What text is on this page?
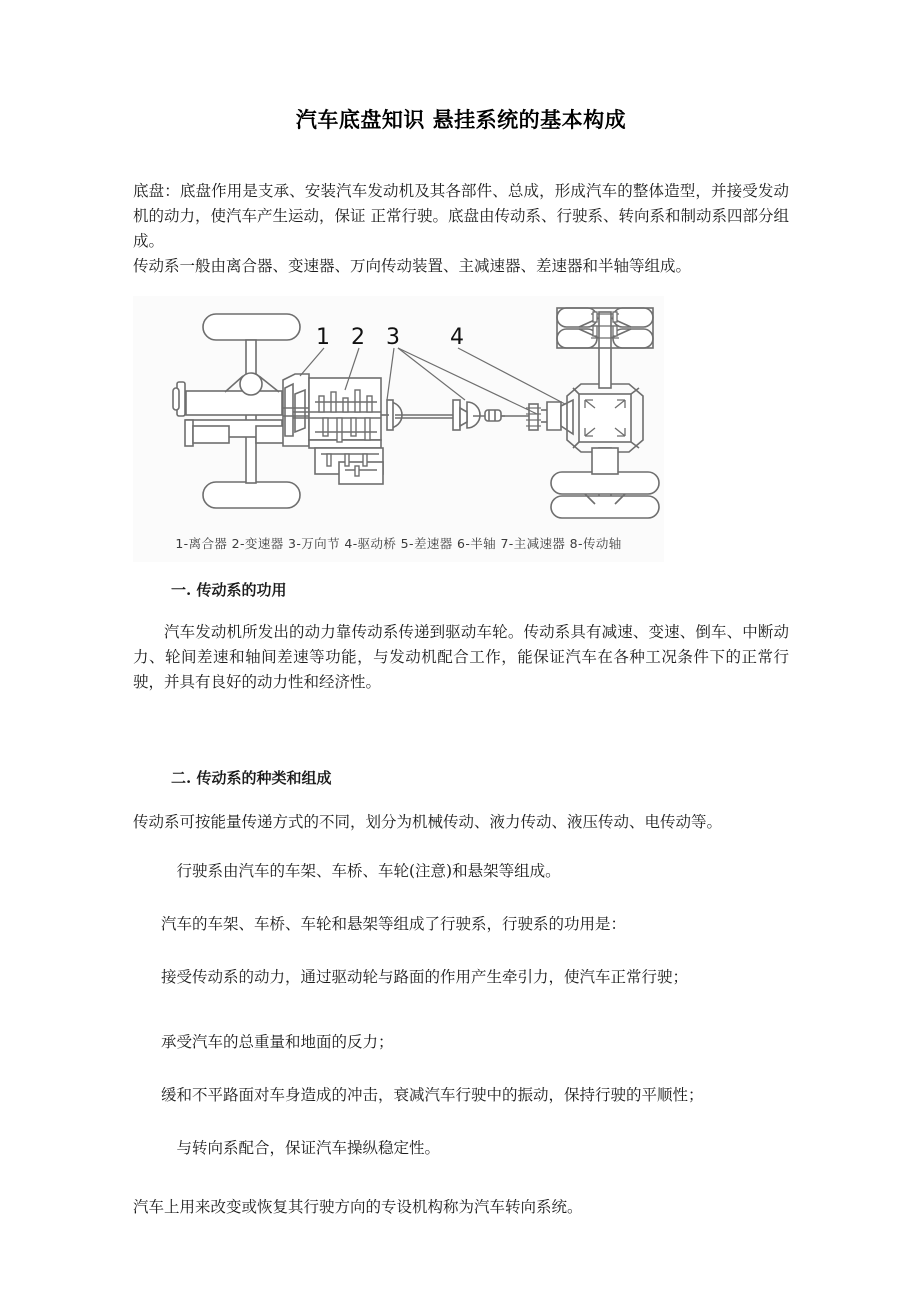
汽车底盘知识 悬挂系统的基本构成

底盘：底盘作用是支承、安装汽车发动机及其各部件、总成，形成汽车的整体造型，并接受发动机的动力，使汽车产生运动，保证 正常行驶。底盘由传动系、行驶系、转向系和制动系四部分组成。

传动系一般由离合器、变速器、万向传动装置、主减速器、差速器和半轴等组成。

1 2 3 4
1-离合器 2-变速器 3-万向节 4-驱动桥 5-差速器 6-半轴 7-主减速器 8-传动轴
一. 传动系的功用

汽车发动机所发出的动力靠传动系传递到驱动车轮。传动系具有减速、变速、倒车、中断动力、轮间差速和轴间差速等功能，与发动机配合工作，能保证汽车在各种工况条件下的正常行驶，并具有良好的动力性和经济性。

二. 传动系的种类和组成

传动系可按能量传递方式的不同，划分为机械传动、液力传动、液压传动、电传动等。

行驶系由汽车的车架、车桥、车轮(注意)和悬架等组成。

汽车的车架、车桥、车轮和悬架等组成了行驶系，行驶系的功用是：

接受传动系的动力，通过驱动轮与路面的作用产生牵引力，使汽车正常行驶；

承受汽车的总重量和地面的反力；

缓和不平路面对车身造成的冲击，衰减汽车行驶中的振动，保持行驶的平顺性；

与转向系配合，保证汽车操纵稳定性。

汽车上用来改变或恢复其行驶方向的专设机构称为汽车转向系统。
